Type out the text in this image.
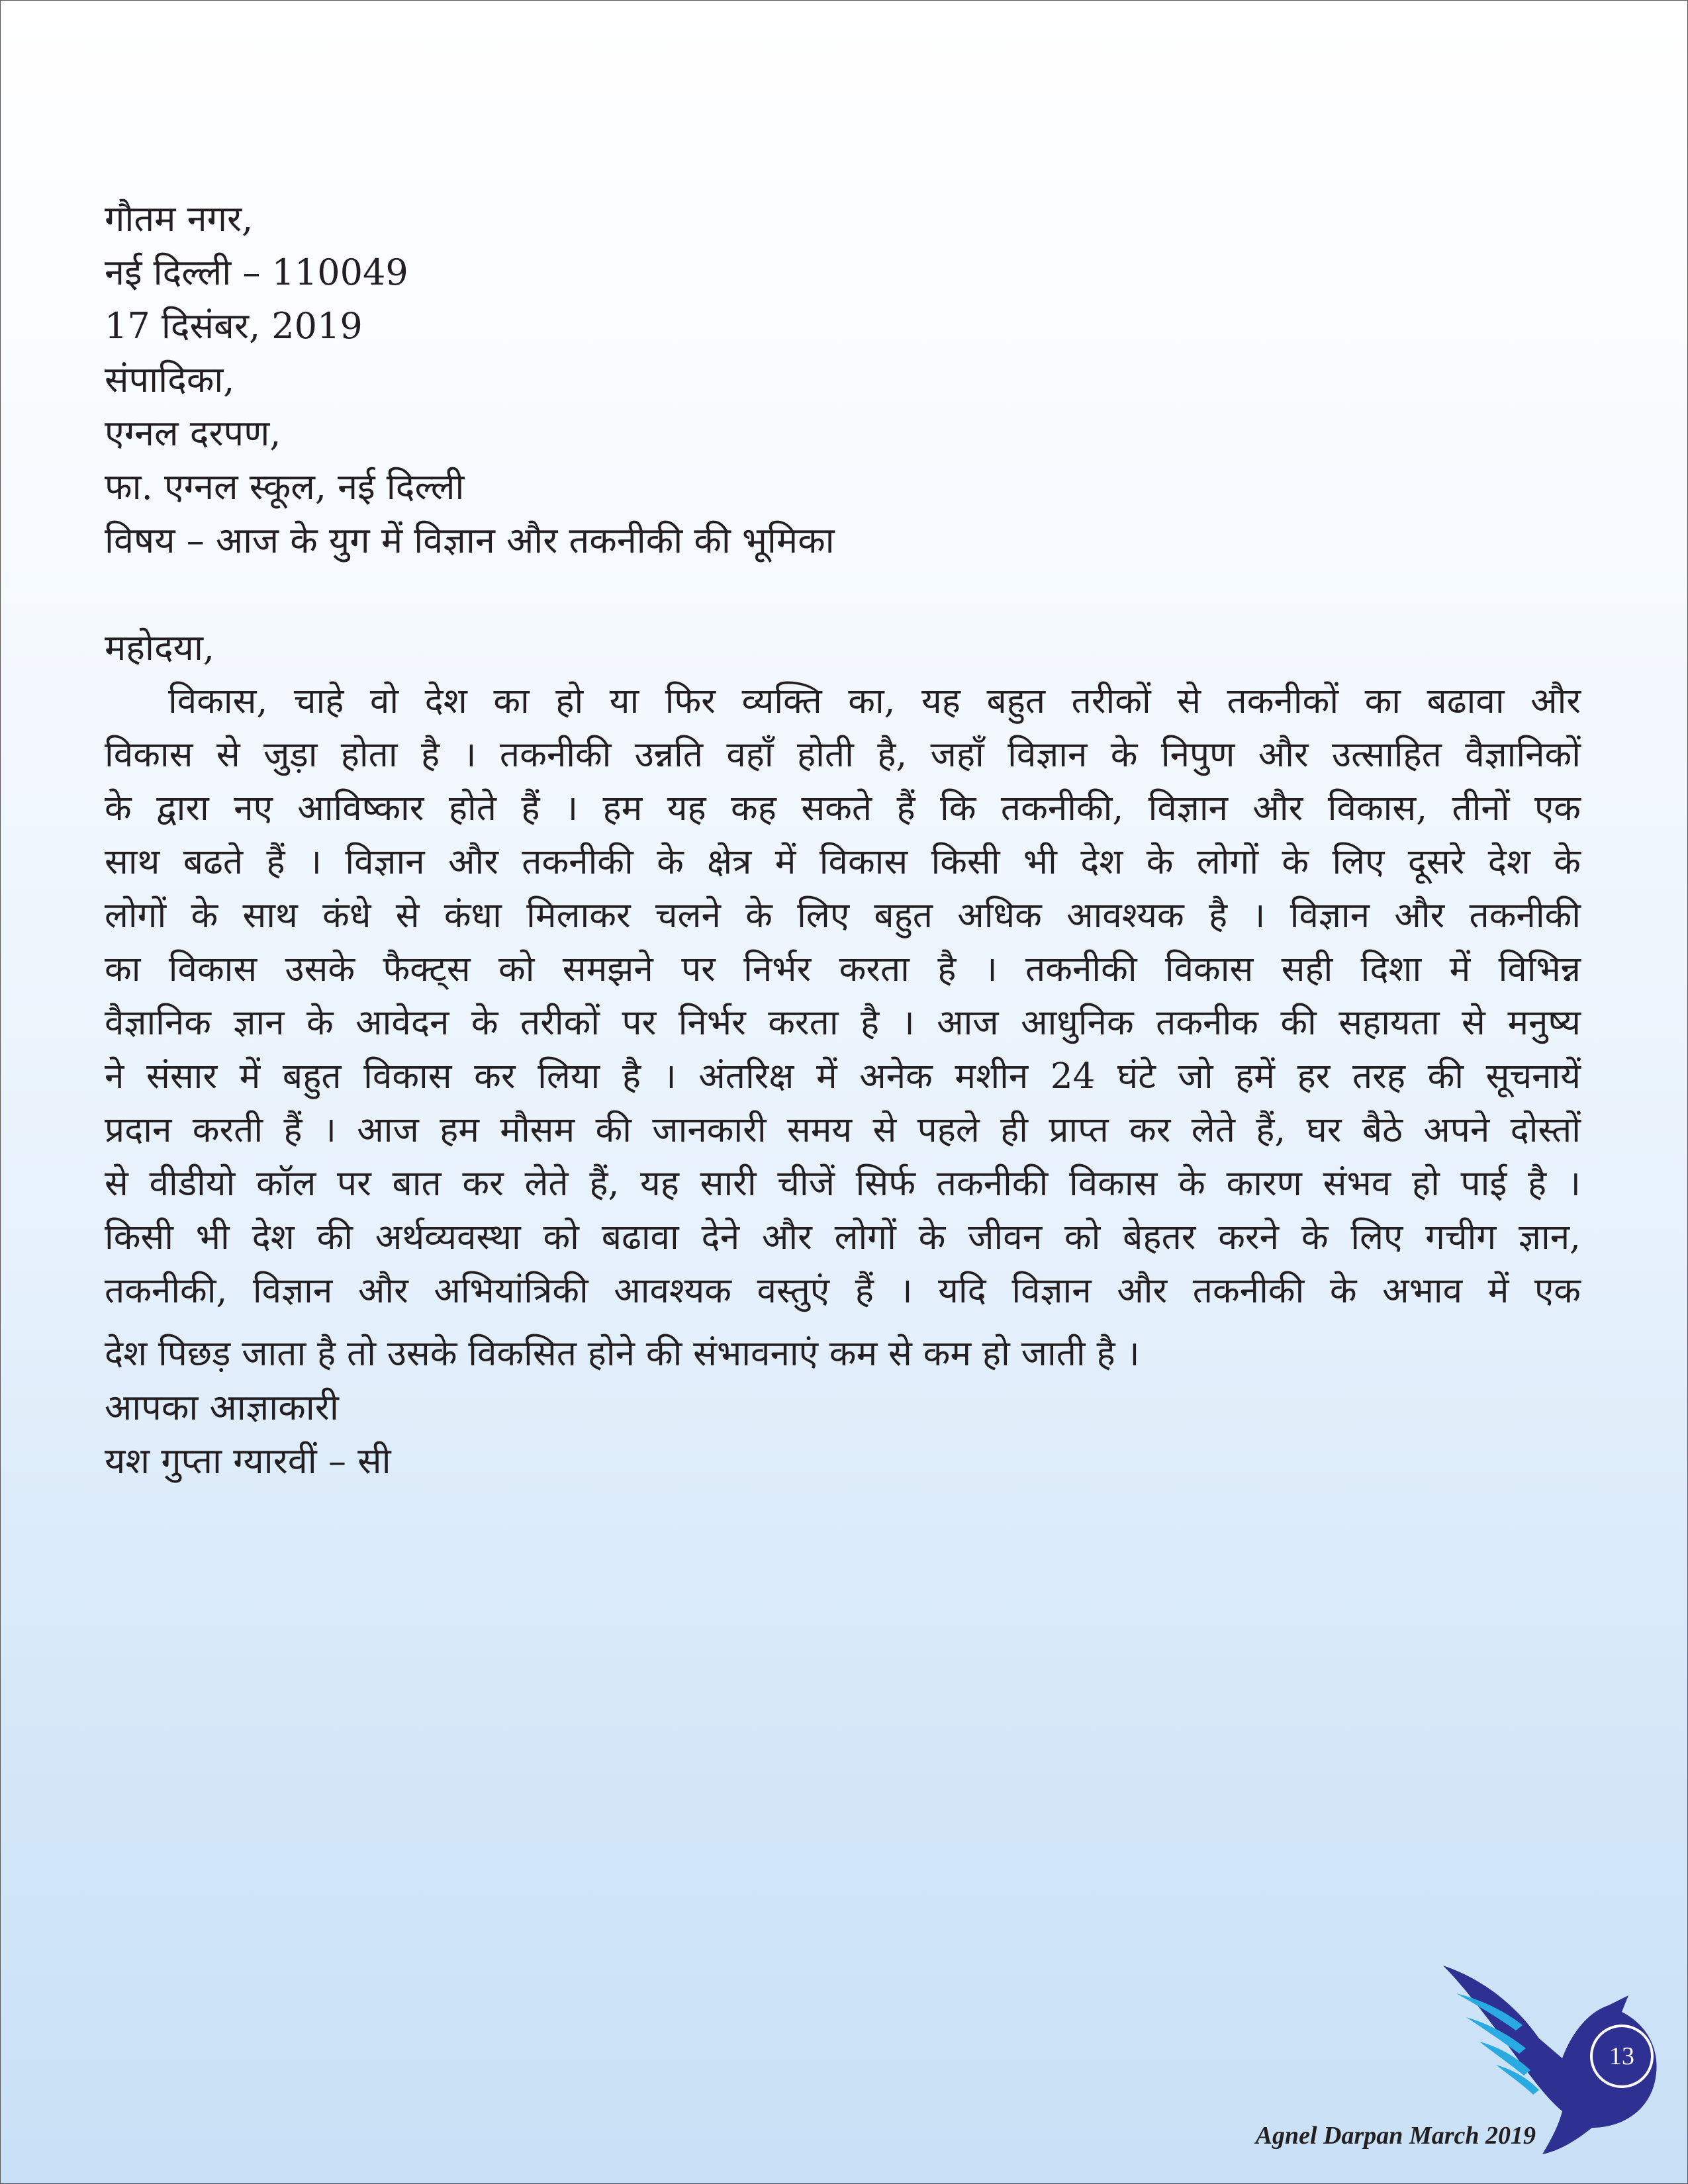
गौतम नगर,
नई दिल्ली – 110049
17 दिसंबर, 2019
संपादिका,
एग्नल दरपण,
फा. एग्नल स्कूल, नई दिल्ली
विषय – आज के युग में विज्ञान और तकनीकी की भूमिका
महोदया,
विकास, चाहे वो देश का हो या फिर व्यक्ति का, यह बहुत तरीकों से तकनीकों का बढावा और
विकास से जुड़ा होता है । तकनीकी उन्नति वहाँ होती है, जहाँ विज्ञान के निपुण और उत्साहित वैज्ञानिकों
के द्वारा नए आविष्कार होते हैं । हम यह कह सकते हैं कि तकनीकी, विज्ञान और विकास, तीनों एक
साथ बढते हैं । विज्ञान और तकनीकी के क्षेत्र में विकास किसी भी देश के लोगों के लिए दूसरे देश के
लोगों के साथ कंधे से कंधा मिलाकर चलने के लिए बहुत अधिक आवश्यक है । विज्ञान और तकनीकी
का विकास उसके फैक्ट्स को समझने पर निर्भर करता है । तकनीकी विकास सही दिशा में विभिन्न
वैज्ञानिक ज्ञान के आवेदन के तरीकों पर निर्भर करता है । आज आधुनिक तकनीक की सहायता से मनुष्य
ने संसार में बहुत विकास कर लिया है । अंतरिक्ष में अनेक मशीन 24 घंटे जो हमें हर तरह की सूचनायें
प्रदान करती हैं । आज हम मौसम की जानकारी समय से पहले ही प्राप्त कर लेते हैं, घर बैठे अपने दोस्तों
से वीडीयो कॉल पर बात कर लेते हैं, यह सारी चीजें सिर्फ तकनीकी विकास के कारण संभव हो पाई है ।
किसी भी देश की अर्थव्यवस्था को बढावा देने और लोगों के जीवन को बेहतर करने के लिए गचीग ज्ञान,
तकनीकी, विज्ञान और अभियांत्रिकी आवश्यक वस्तुएं हैं । यदि विज्ञान और तकनीकी के अभाव में एक
देश पिछड़ जाता है तो उसके विकसित होने की संभावनाएं कम से कम हो जाती है ।
आपका आज्ञाकारी
यश गुप्ता ग्यारवीं – सी
13
Agnel Darpan March 2019
